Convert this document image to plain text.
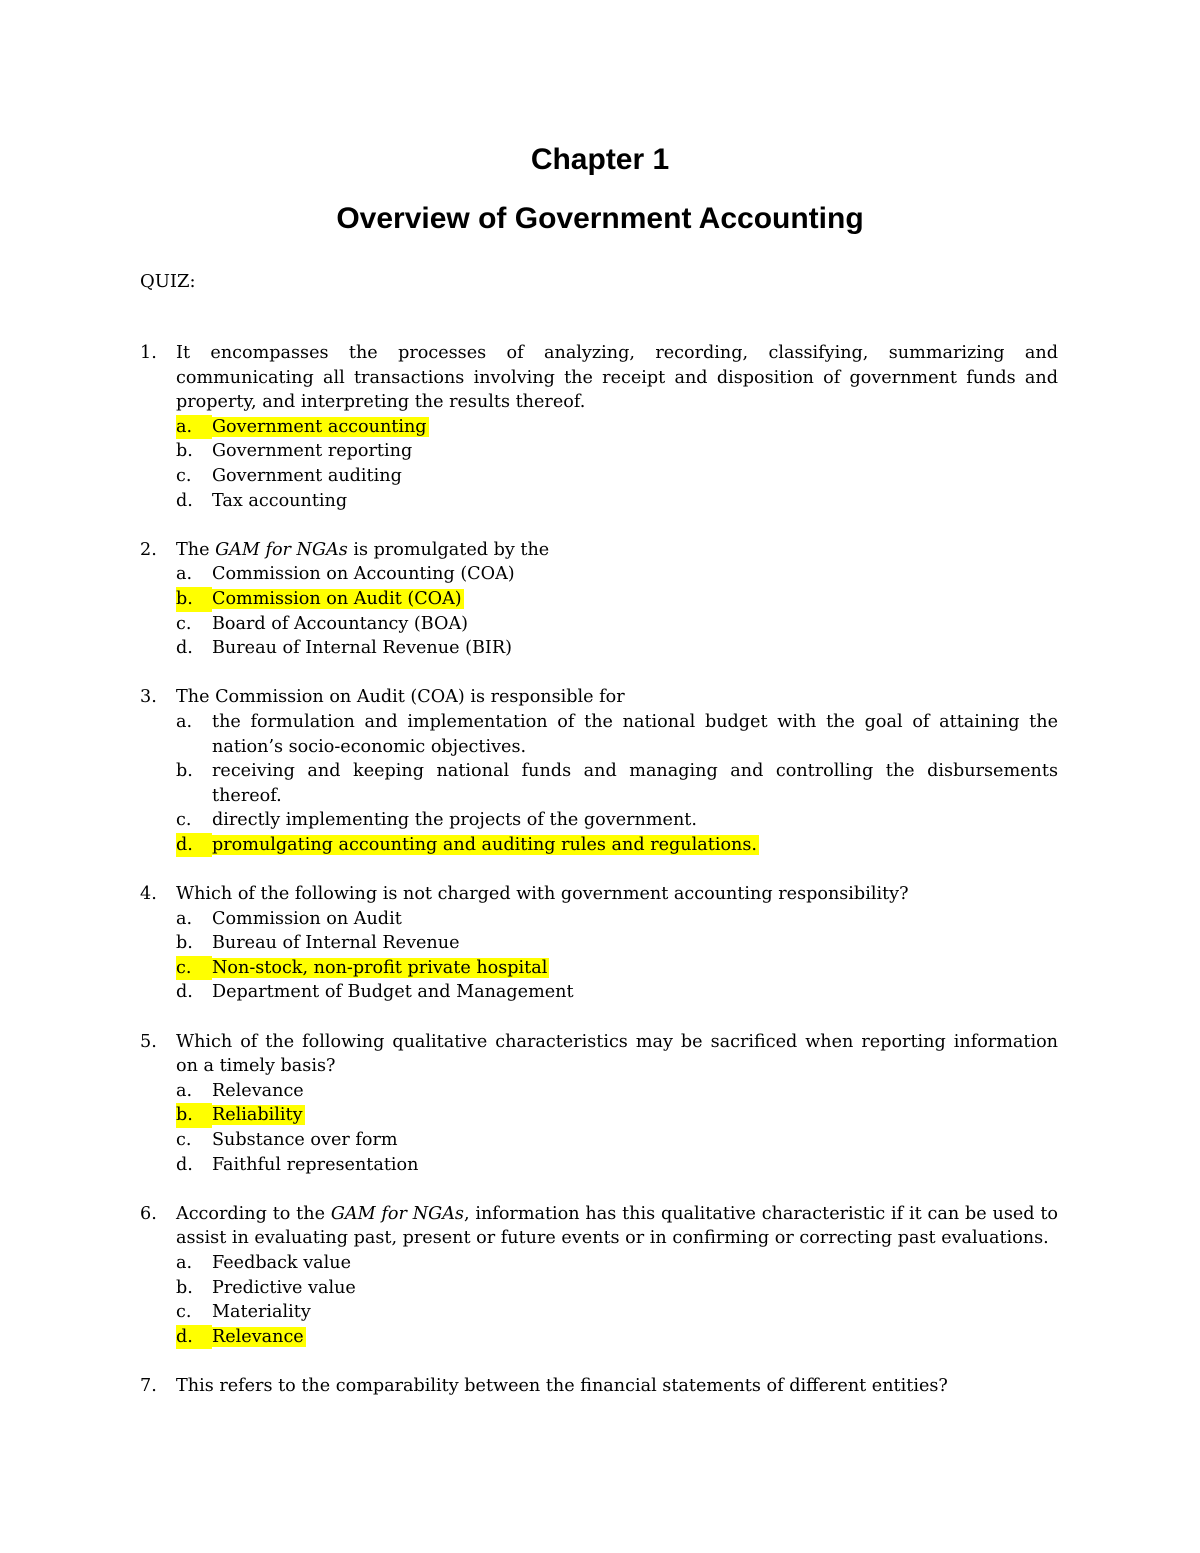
Chapter 1
Overview of Government Accounting
QUIZ:
1.	It encompasses the processes of analyzing, recording, classifying, summarizing and communicating all transactions involving the receipt and disposition of government funds and property, and interpreting the results thereof.
a.	Government accounting
b.	Government reporting
c.	Government auditing
d.	Tax accounting
2.	The GAM for NGAs is promulgated by the
a.	Commission on Accounting (COA)
b.	Commission on Audit (COA)
c.	Board of Accountancy (BOA)
d.	Bureau of Internal Revenue (BIR)
3.	The Commission on Audit (COA) is responsible for
a.	the formulation and implementation of the national budget with the goal of attaining the nation’s socio-economic objectives.
b.	receiving and keeping national funds and managing and controlling the disbursements thereof.
c.	directly implementing the projects of the government.
d.	promulgating accounting and auditing rules and regulations.
4.	Which of the following is not charged with government accounting responsibility?
a.	Commission on Audit
b.	Bureau of Internal Revenue
c.	Non-stock, non-profit private hospital
d.	Department of Budget and Management
5.	Which of the following qualitative characteristics may be sacrificed when reporting information on a timely basis?
a.	Relevance
b.	Reliability
c.	Substance over form
d.	Faithful representation
6.	According to the GAM for NGAs, information has this qualitative characteristic if it can be used to assist in evaluating past, present or future events or in confirming or correcting past evaluations.
a.	Feedback value
b.	Predictive value
c.	Materiality
d.	Relevance
7.	This refers to the comparability between the financial statements of different entities?
